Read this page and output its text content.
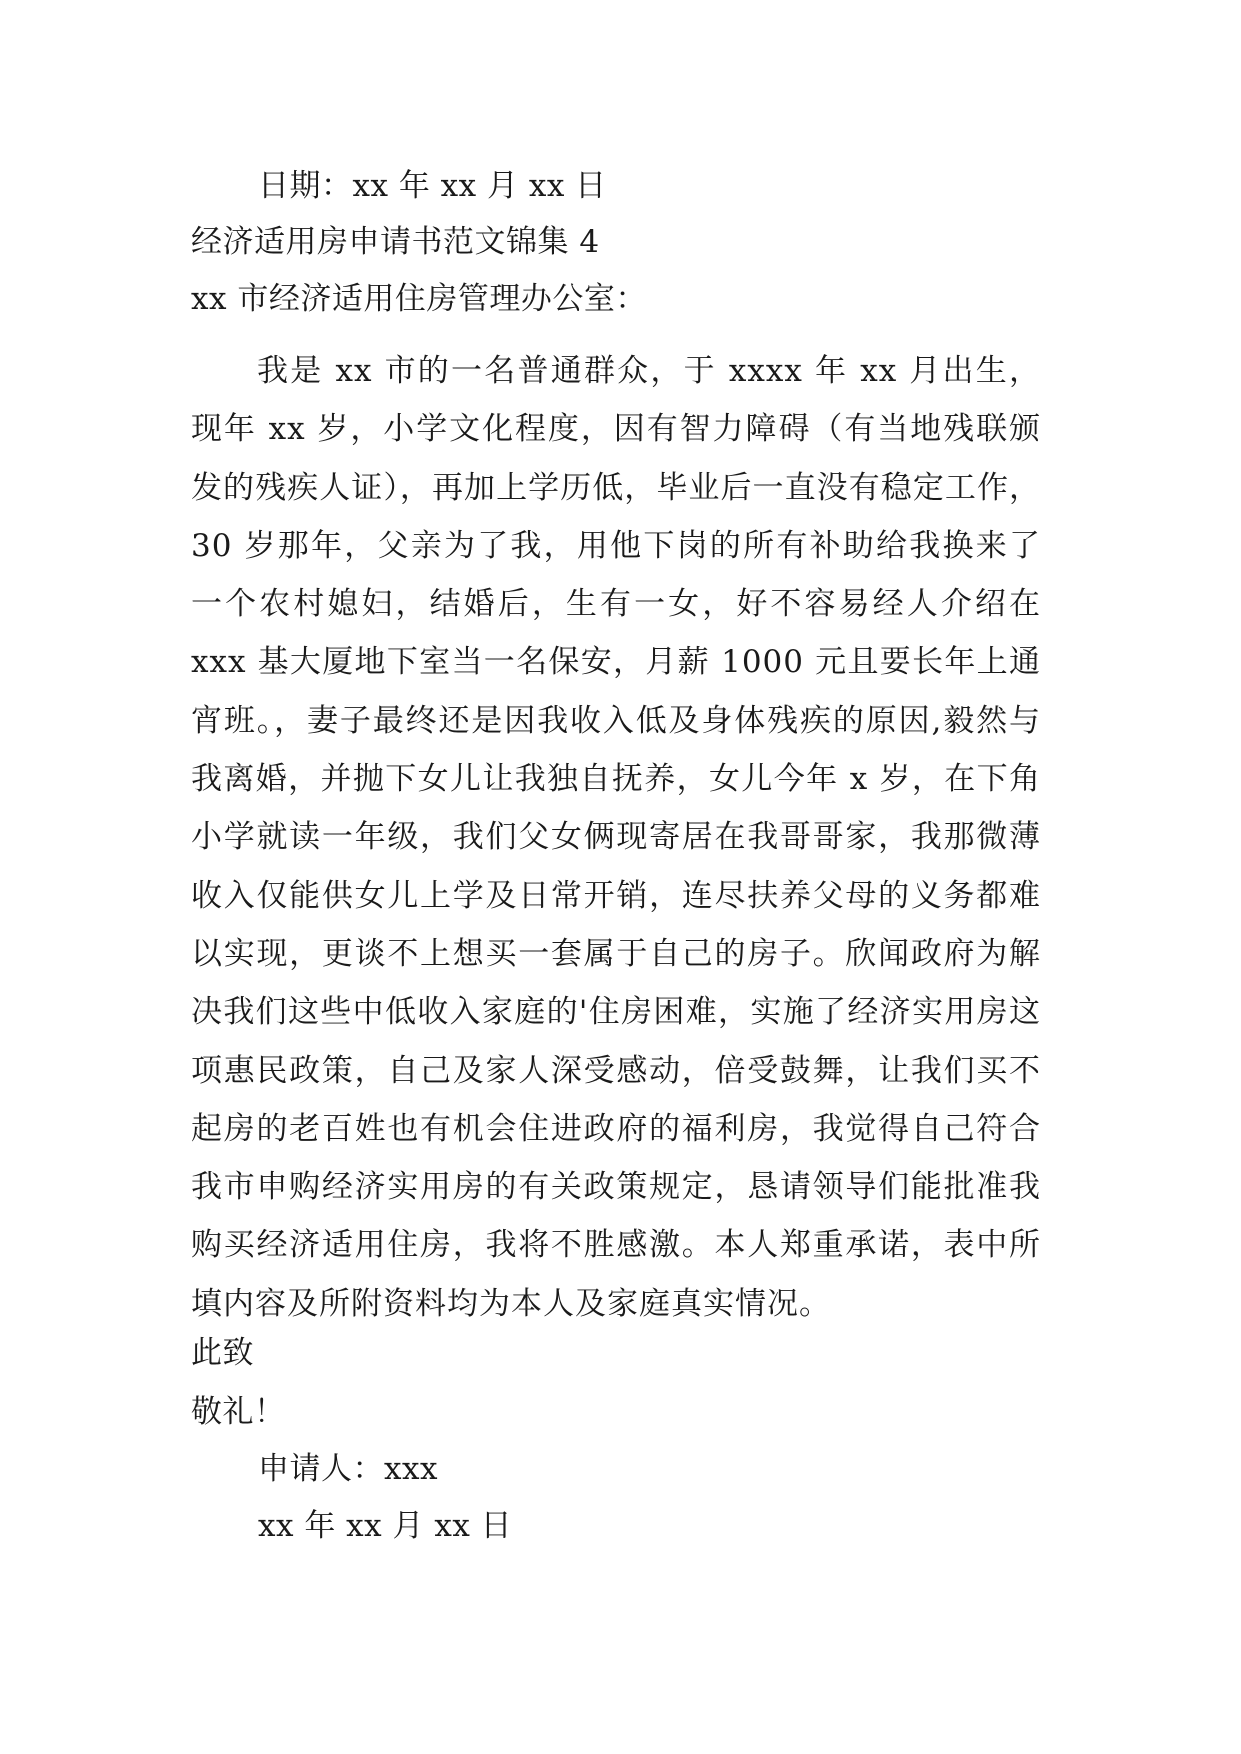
日期：xx 年 xx 月 xx 日
经济适用房申请书范文锦集 4
xx 市经济适用住房管理办公室：
我是 xx 市的一名普通群众，于 xxxx 年 xx 月出生，现年 xx 岁，小学文化程度，因有智力障碍（有当地残联颁发的残疾人证），再加上学历低，毕业后一直没有稳定工作，30 岁那年，父亲为了我，用他下岗的所有补助给我换来了一个农村媳妇，结婚后，生有一女，好不容易经人介绍在 xxx 基大厦地下室当一名保安，月薪 1000 元且要长年上通宵班。，妻子最终还是因我收入低及身体残疾的原因,毅然与我离婚，并抛下女儿让我独自抚养，女儿今年 x 岁，在下角小学就读一年级，我们父女俩现寄居在我哥哥家，我那微薄收入仅能供女儿上学及日常开销，连尽扶养父母的义务都难以实现，更谈不上想买一套属于自己的房子。欣闻政府为解决我们这些中低收入家庭的'住房困难，实施了经济实用房这项惠民政策，自己及家人深受感动，倍受鼓舞，让我们买不起房的老百姓也有机会住进政府的福利房，我觉得自己符合我市申购经济实用房的有关政策规定，恳请领导们能批准我购买经济适用住房，我将不胜感激。本人郑重承诺，表中所填内容及所附资料均为本人及家庭真实情况。
此致
敬礼！
申请人：xxx
xx 年 xx 月 xx 日
